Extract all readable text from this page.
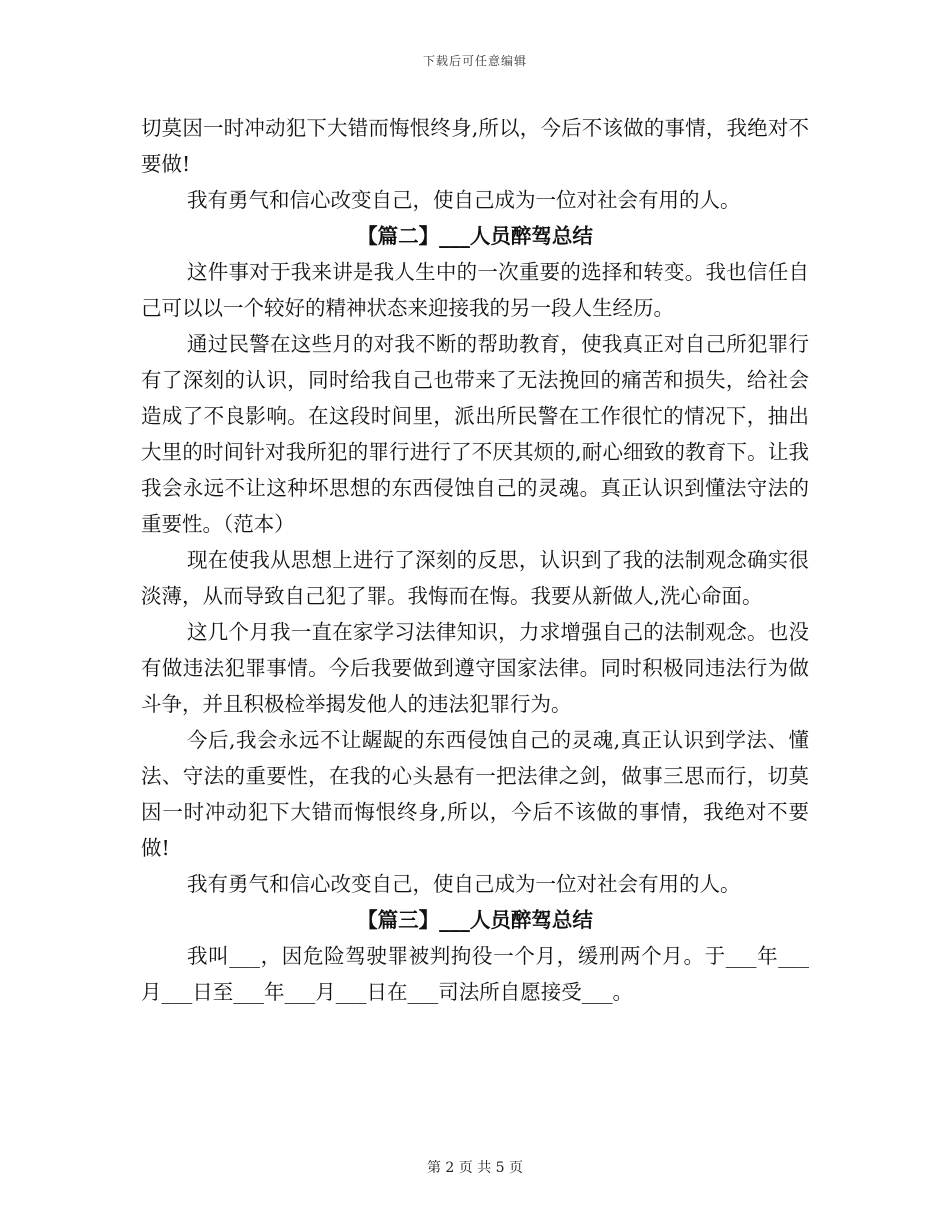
下载后可任意编辑

切莫因一时冲动犯下大错而悔恨终身,所以，今后不该做的事情，我绝对不要做!

我有勇气和信心改变自己，使自己成为一位对社会有用的人。

【篇二】___人员醉驾总结

这件事对于我来讲是我人生中的一次重要的选择和转变。我也信任自己可以以一个较好的精神状态来迎接我的另一段人生经历。

通过民警在这些月的对我不断的帮助教育，使我真正对自己所犯罪行有了深刻的认识，同时给我自己也带来了无法挽回的痛苦和损失，给社会造成了不良影响。在这段时间里，派出所民警在工作很忙的情况下，抽出大里的时间针对我所犯的罪行进行了不厌其烦的,耐心细致的教育下。让我我会永远不让这种坏思想的东西侵蚀自己的灵魂。真正认识到懂法守法的重要性。（范本）

现在使我从思想上进行了深刻的反思，认识到了我的法制观念确实很淡薄，从而导致自己犯了罪。我悔而在悔。我要从新做人,洗心命面。

这几个月我一直在家学习法律知识，力求增强自己的法制观念。也没有做违法犯罪事情。今后我要做到遵守国家法律。同时积极同违法行为做斗争，并且积极检举揭发他人的违法犯罪行为。

今后,我会永远不让龌龊的东西侵蚀自己的灵魂,真正认识到学法、懂法、守法的重要性，在我的心头悬有一把法律之剑，做事三思而行，切莫因一时冲动犯下大错而悔恨终身,所以，今后不该做的事情，我绝对不要做!

我有勇气和信心改变自己，使自己成为一位对社会有用的人。

【篇三】___人员醉驾总结

我叫___，因危险驾驶罪被判拘役一个月，缓刑两个月。于___年___月___日至___年___月___日在___司法所自愿接受___。

第 2 页 共 5 页
